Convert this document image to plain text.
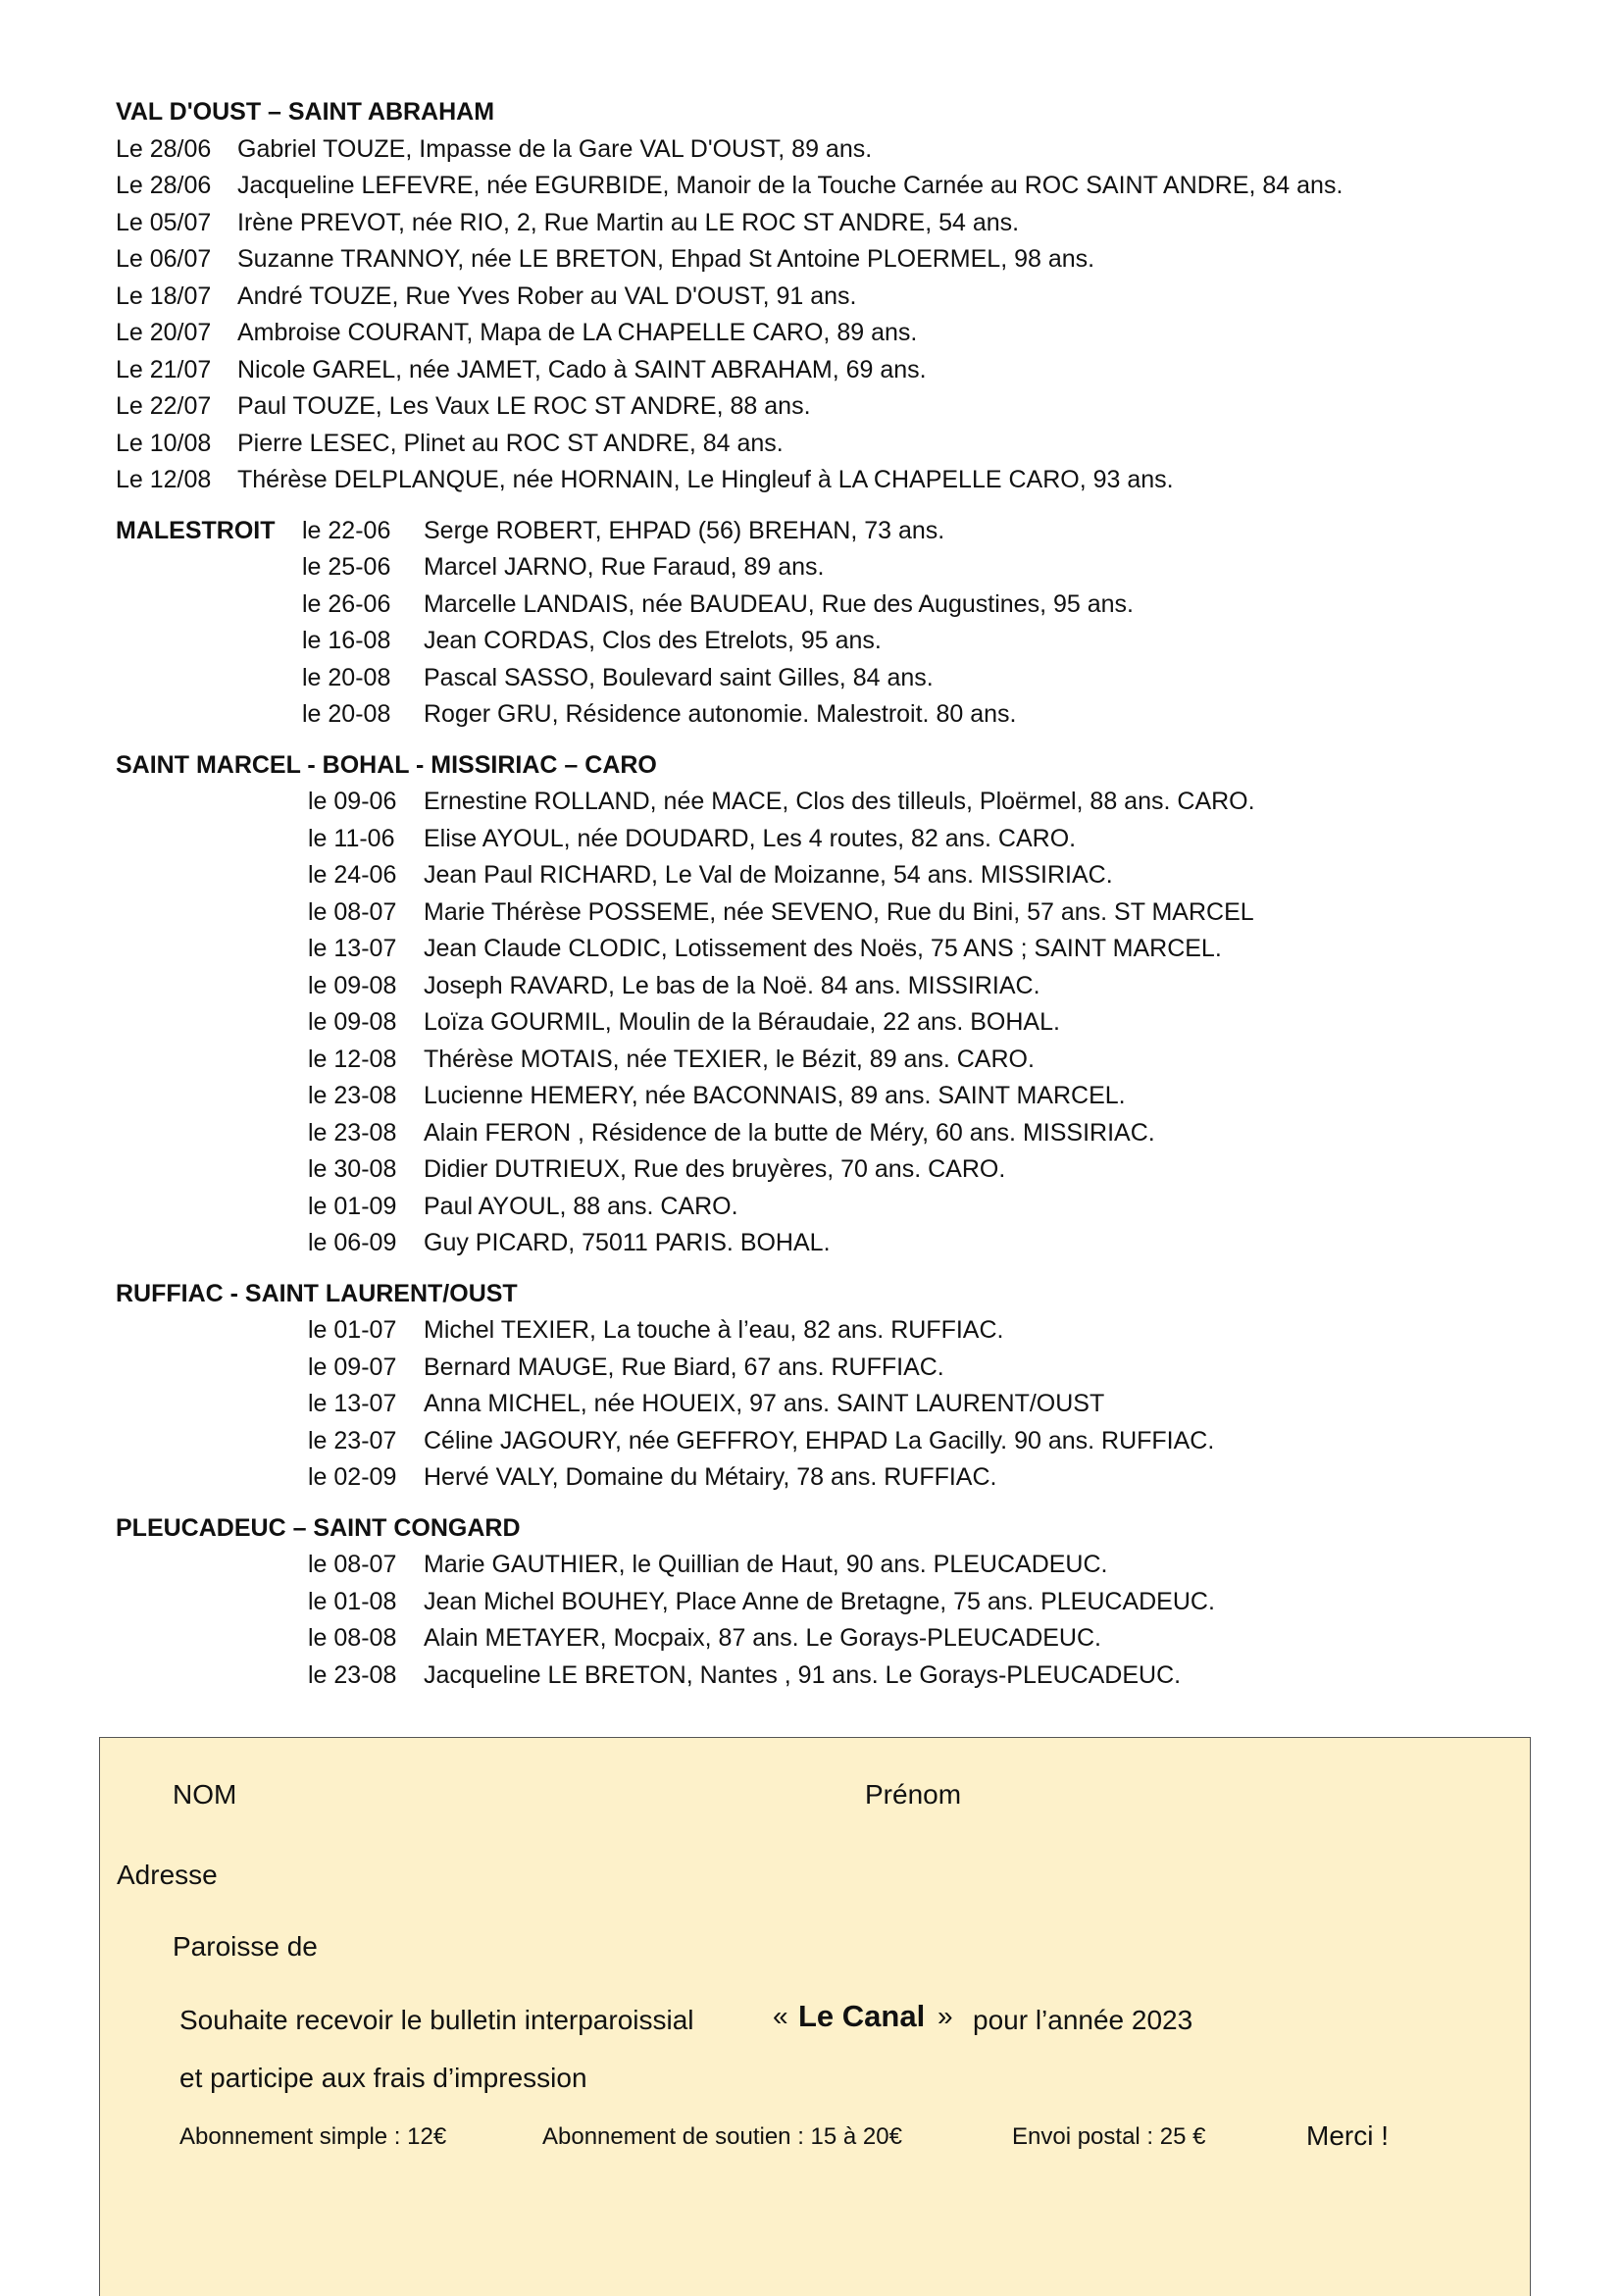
VAL D'OUST – SAINT ABRAHAM
Le 28/06	Gabriel TOUZE, Impasse de la Gare VAL D'OUST, 89 ans.
Le 28/06	Jacqueline LEFEVRE, née EGURBIDE, Manoir de la Touche Carnée au ROC SAINT ANDRE, 84 ans.
Le 05/07	Irène PREVOT, née RIO, 2, Rue Martin au LE ROC ST ANDRE, 54 ans.
Le 06/07	Suzanne TRANNOY, née LE BRETON, Ehpad St Antoine PLOERMEL, 98 ans.
Le 18/07	André TOUZE, Rue Yves Rober au VAL D'OUST, 91 ans.
Le 20/07	Ambroise COURANT, Mapa de LA CHAPELLE CARO, 89 ans.
Le 21/07	Nicole GAREL, née JAMET, Cado à SAINT ABRAHAM, 69 ans.
Le 22/07	Paul TOUZE, Les Vaux LE ROC ST ANDRE, 88 ans.
Le 10/08	Pierre LESEC, Plinet au ROC ST ANDRE, 84 ans.
Le 12/08	Thérèse DELPLANQUE, née HORNAIN, Le Hingleuf à LA CHAPELLE CARO, 93 ans.
MALESTROIT	le 22-06	Serge ROBERT, EHPAD (56) BREHAN, 73 ans.
le 25-06	Marcel JARNO, Rue Faraud, 89 ans.
le 26-06	Marcelle LANDAIS, née BAUDEAU, Rue des Augustines, 95 ans.
le 16-08	Jean CORDAS, Clos des Etrelots, 95 ans.
le 20-08	Pascal SASSO, Boulevard saint Gilles, 84 ans.
le 20-08	Roger GRU, Résidence autonomie. Malestroit. 80 ans.
SAINT MARCEL - BOHAL - MISSIRIAC – CARO
le 09-06	Ernestine ROLLAND, née MACE, Clos des tilleuls, Ploërmel, 88 ans. CARO.
le 11-06	Elise AYOUL, née DOUDARD, Les 4 routes, 82 ans. CARO.
le 24-06	Jean Paul RICHARD, Le Val de Moizanne, 54 ans. MISSIRIAC.
le 08-07	Marie Thérèse POSSEME, née SEVENO, Rue du Bini, 57 ans. ST MARCEL
le 13-07	Jean Claude CLODIC, Lotissement des Noës, 75 ANS ; SAINT MARCEL.
le 09-08	Joseph RAVARD, Le bas de la Noë. 84 ans. MISSIRIAC.
le 09-08	Loïza GOURMIL, Moulin de la Béraudaie, 22 ans. BOHAL.
le 12-08	Thérèse MOTAIS, née TEXIER, le Bézit, 89 ans. CARO.
le 23-08	Lucienne HEMERY, née BACONNAIS, 89 ans. SAINT MARCEL.
le 23-08	Alain FERON , Résidence de la butte de Méry, 60 ans. MISSIRIAC.
le 30-08	Didier DUTRIEUX, Rue des bruyères, 70 ans. CARO.
le 01-09	Paul AYOUL, 88 ans. CARO.
le 06-09	Guy PICARD, 75011 PARIS. BOHAL.
RUFFIAC - SAINT LAURENT/OUST
le 01-07	Michel TEXIER, La touche à l’eau, 82 ans. RUFFIAC.
le 09-07	Bernard MAUGE, Rue Biard, 67 ans. RUFFIAC.
le 13-07	Anna MICHEL, née HOUEIX, 97 ans. SAINT LAURENT/OUST
le 23-07	Céline JAGOURY, née GEFFROY, EHPAD La Gacilly. 90 ans. RUFFIAC.
le 02-09	Hervé VALY, Domaine du Métairy, 78 ans. RUFFIAC.
PLEUCADEUC – SAINT CONGARD
le 08-07	Marie GAUTHIER, le Quillian de Haut, 90 ans. PLEUCADEUC.
le 01-08	Jean Michel BOUHEY, Place Anne de Bretagne, 75 ans. PLEUCADEUC.
le 08-08	Alain METAYER, Mocpaix, 87 ans. Le Gorays-PLEUCADEUC.
le 23-08	Jacqueline LE BRETON, Nantes , 91 ans. Le Gorays-PLEUCADEUC.
NOM	Prénom
Adresse
Paroisse de
Souhaite recevoir le bulletin interparoissial	« Le Canal » pour l’année 2023
et participe aux frais d’impression
Abonnement simple : 12€	Abonnement de soutien : 15 à 20€	Envoi postal : 25 €	Merci !
